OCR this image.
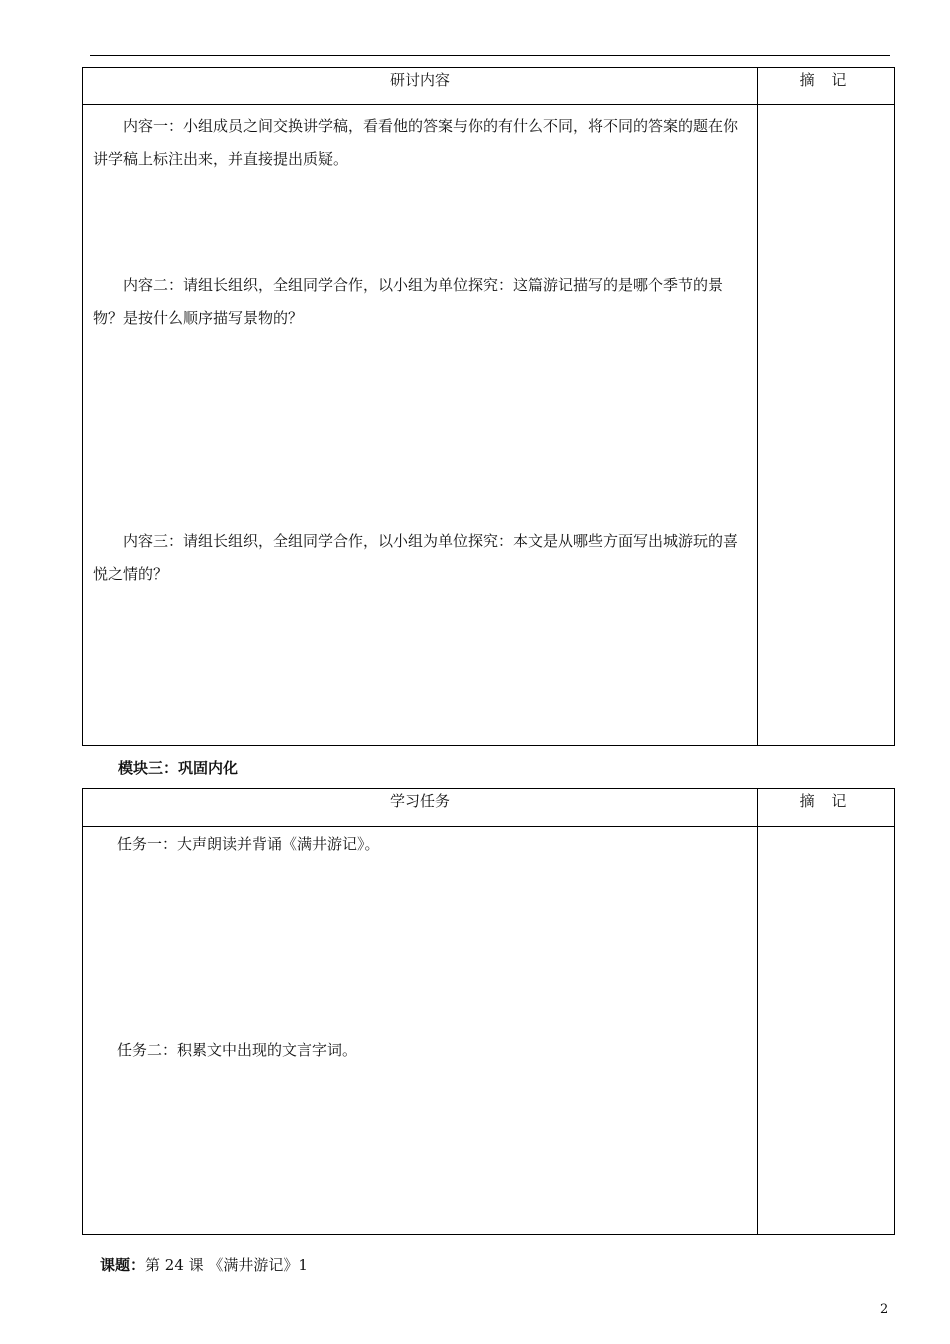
研讨内容	摘 记

内容一：小组成员之间交换讲学稿，看看他的答案与你的有什么不同，将不同的答案的题在你讲学稿上标注出来，并直接提出质疑。

内容二：请组长组织，全组同学合作，以小组为单位探究：这篇游记描写的是哪个季节的景物？是按什么顺序描写景物的？

内容三：请组长组织，全组同学合作，以小组为单位探究：本文是从哪些方面写出城游玩的喜悦之情的？	

模块三：巩固内化
学习任务	摘 记

任务一：大声朗读并背诵《满井游记》。

任务二：积累文中出现的文言字词。	

课题：第 24 课 《满井游记》1
2
